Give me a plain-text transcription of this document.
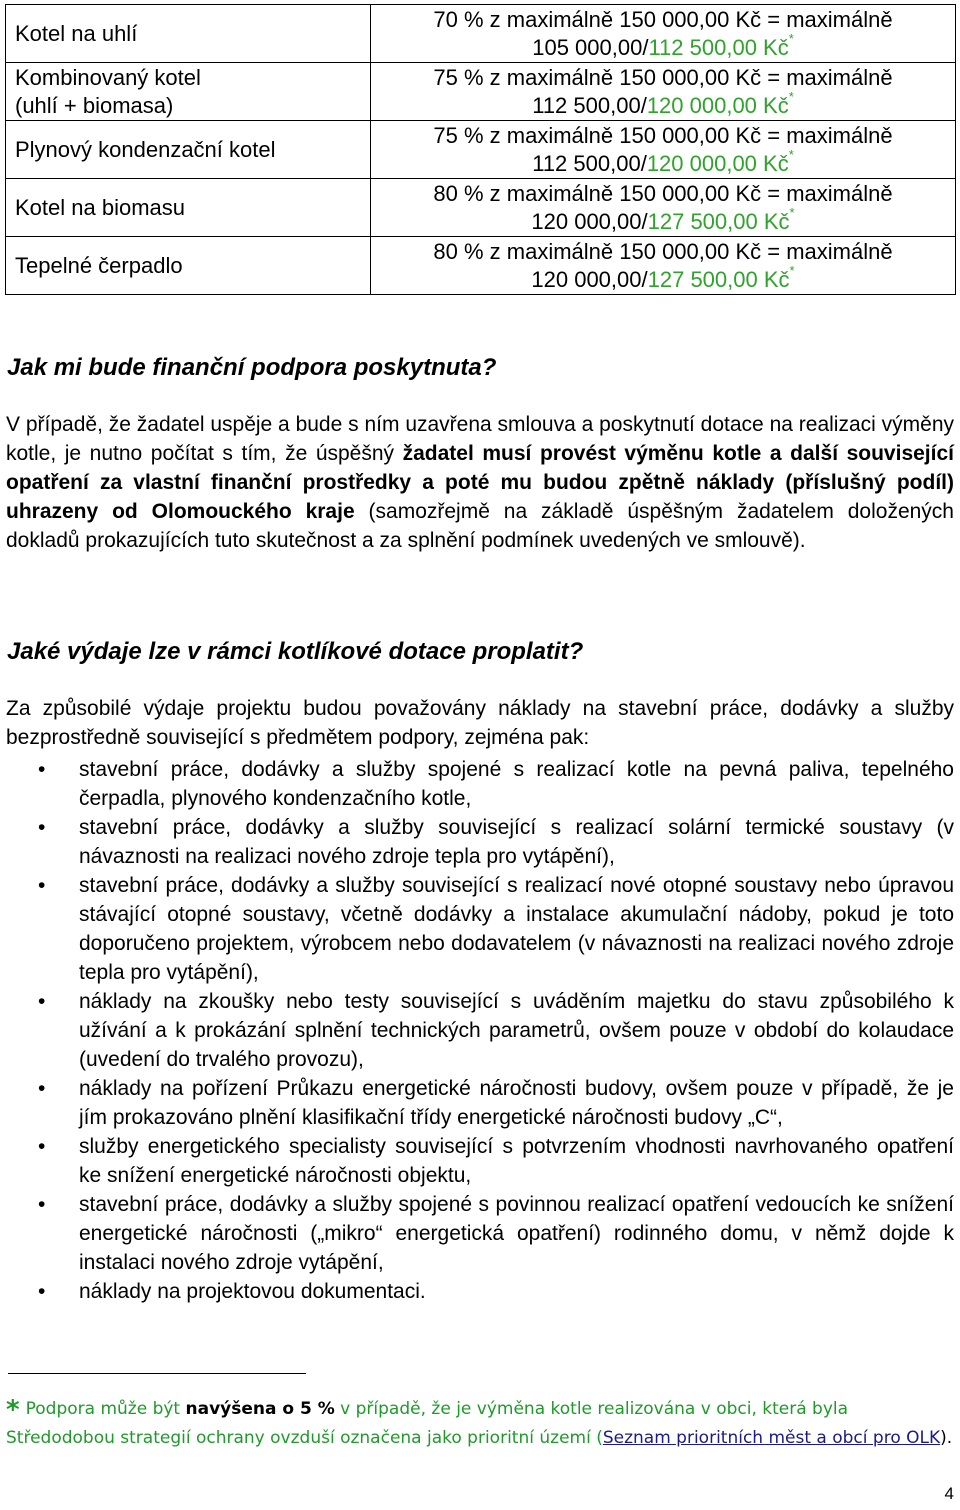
Kotel na uhlí	70 % z maximálně 150 000,00 Kč = maximálně
105 000,00/112 500,00 Kč*
Kombinovaný kotel
(uhlí + biomasa)	75 % z maximálně 150 000,00 Kč = maximálně
112 500,00/120 000,00 Kč*
Plynový kondenzační kotel	75 % z maximálně 150 000,00 Kč = maximálně
112 500,00/120 000,00 Kč*
Kotel na biomasu	80 % z maximálně 150 000,00 Kč = maximálně
120 000,00/127 500,00 Kč*
Tepelné čerpadlo	80 % z maximálně 150 000,00 Kč = maximálně
120 000,00/127 500,00 Kč*
Jak mi bude finanční podpora poskytnuta?

V případě, že žadatel uspěje a bude s ním uzavřena smlouva a poskytnutí dotace na realizaci výměny kotle, je nutno počítat s tím, že úspěšný žadatel musí provést výměnu kotle a další související opatření za vlastní finanční prostředky a poté mu budou zpětně náklady (příslušný podíl) uhrazeny od Olomouckého kraje (samozřejmě na základě úspěšným žadatelem doložených dokladů prokazujících tuto skutečnost a za splnění podmínek uvedených ve smlouvě).

Jaké výdaje lze v rámci kotlíkové dotace proplatit?

Za způsobilé výdaje projektu budou považovány náklady na stavební práce, dodávky a služby bezprostředně související s předmětem podpory, zejména pak:

• stavební práce, dodávky a služby spojené s realizací kotle na pevná paliva, tepelného čerpadla, plynového kondenzačního kotle,
• stavební práce, dodávky a služby související s realizací solární termické soustavy (v návaznosti na realizaci nového zdroje tepla pro vytápění),
• stavební práce, dodávky a služby související s realizací nové otopné soustavy nebo úpravou stávající otopné soustavy, včetně dodávky a instalace akumulační nádoby, pokud je toto doporučeno projektem, výrobcem nebo dodavatelem (v návaznosti na realizaci nového zdroje tepla pro vytápění),
• náklady na zkoušky nebo testy související s uváděním majetku do stavu způsobilého k užívání a k prokázání splnění technických parametrů, ovšem pouze v období do kolaudace (uvedení do trvalého provozu),
• náklady na pořízení Průkazu energetické náročnosti budovy, ovšem pouze v případě, že je jím prokazováno plnění klasifikační třídy energetické náročnosti budovy „C“,
• služby energetického specialisty související s potvrzením vhodnosti navrhovaného opatření ke snížení energetické náročnosti objektu,
• stavební práce, dodávky a služby spojené s povinnou realizací opatření vedoucích ke snížení energetické náročnosti („mikro“ energetická opatření) rodinného domu, v němž dojde k instalaci nového zdroje vytápění,
• náklady na projektovou dokumentaci.
* Podpora může být navýšena o 5 % v případě, že je výměna kotle realizována v obci, která byla Středodobou strategií ochrany ovzduší označena jako prioritní území (Seznam prioritních měst a obcí pro OLK).
4
